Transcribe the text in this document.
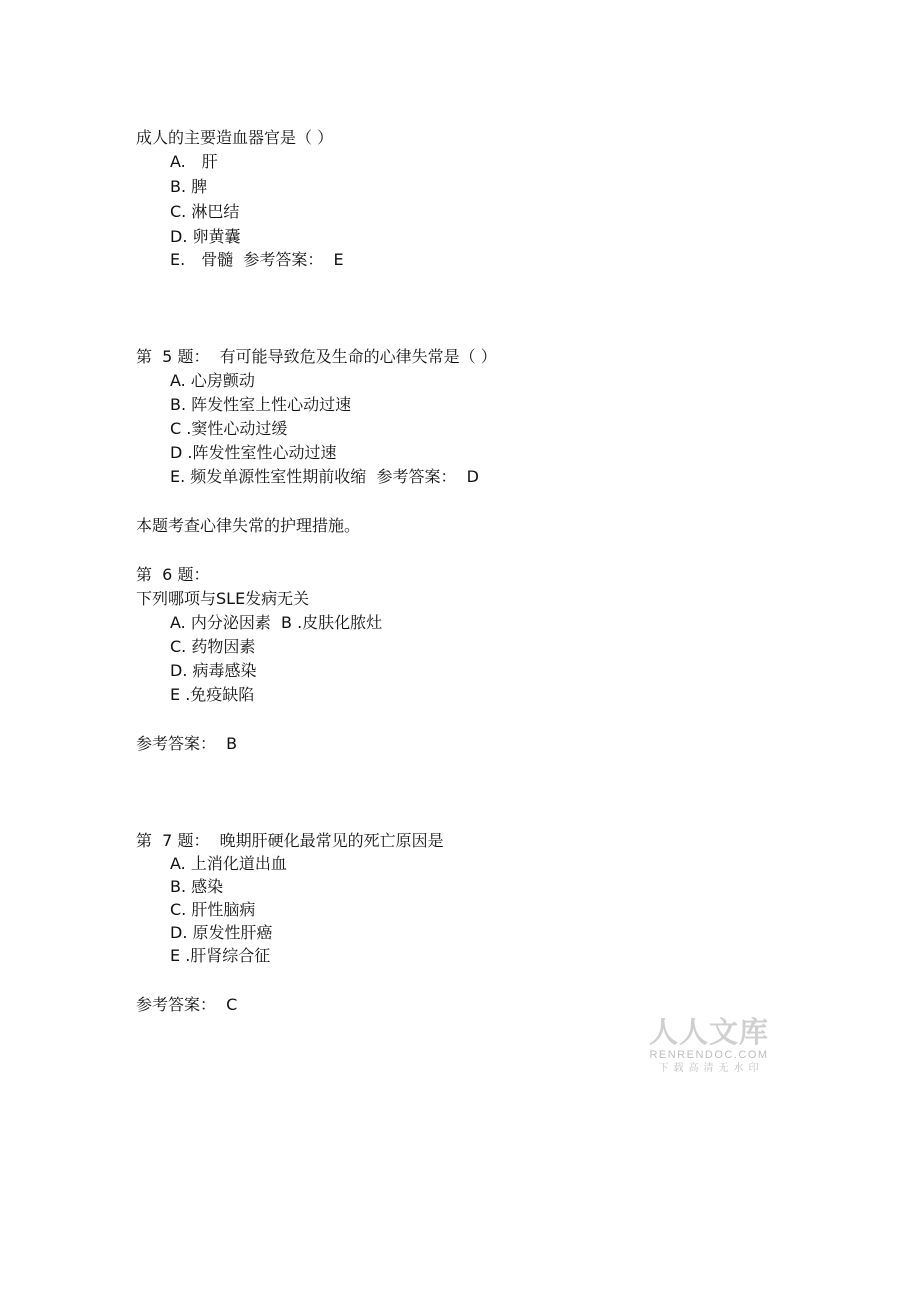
成人的主要造血器官是（ ）
A.　肝
B. 脾
C. 淋巴结
D. 卵黄囊
E.　骨髓  参考答案：  E
第  5 题：  有可能导致危及生命的心律失常是（ ）
A. 心房颤动
B. 阵发性室上性心动过速
C .窦性心动过缓
D .阵发性室性心动过速
E. 频发单源性室性期前收缩  参考答案：  D
本题考查心律失常的护理措施。
第  6 题：
下列哪项与SLE发病无关
A. 内分泌因素  B .皮肤化脓灶
C. 药物因素
D. 病毒感染
E .免疫缺陷
参考答案：  B
第  7 题：  晚期肝硬化最常见的死亡原因是
A. 上消化道出血
B. 感染
C. 肝性脑病
D. 原发性肝癌
E .肝肾综合征
参考答案：  C
人人文库
RENRENDOC.COM
下载高清无水印
